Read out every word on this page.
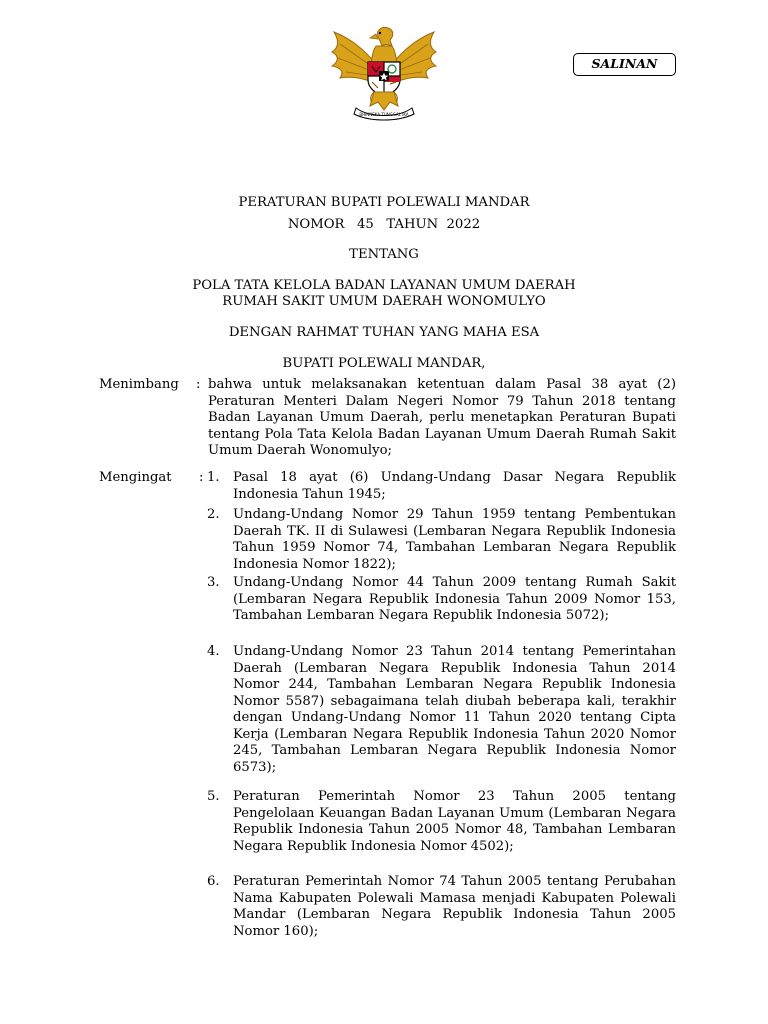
BHINNEKA TUNGGAL IKA
SALINAN
PERATURAN BUPATI POLEWALI MANDAR
NOMOR   45   TAHUN  2022
TENTANG
POLA TATA KELOLA BADAN LAYANAN UMUM DAERAH
RUMAH SAKIT UMUM DAERAH WONOMULYO
DENGAN RAHMAT TUHAN YANG MAHA ESA
BUPATI POLEWALI MANDAR,
Menimbang : bahwa untuk melaksanakan ketentuan dalam Pasal 38 ayat (2) Peraturan Menteri Dalam Negeri Nomor 79 Tahun 2018 tentang Badan Layanan Umum Daerah, perlu menetapkan Peraturan Bupati tentang Pola Tata Kelola Badan Layanan Umum Daerah Rumah Sakit Umum Daerah Wonomulyo;
Mengingat : 1. Pasal 18 ayat (6) Undang-Undang Dasar Negara Republik Indonesia Tahun 1945;
2. Undang-Undang Nomor 29 Tahun 1959 tentang Pembentukan Daerah TK. II di Sulawesi (Lembaran Negara Republik Indonesia Tahun 1959 Nomor 74, Tambahan Lembaran Negara Republik Indonesia Nomor 1822);
3. Undang-Undang Nomor 44 Tahun 2009 tentang Rumah Sakit (Lembaran Negara Republik Indonesia Tahun 2009 Nomor 153, Tambahan Lembaran Negara Republik Indonesia 5072);
4. Undang-Undang Nomor 23 Tahun 2014 tentang Pemerintahan Daerah (Lembaran Negara Republik Indonesia Tahun 2014 Nomor 244, Tambahan Lembaran Negara Republik Indonesia Nomor 5587) sebagaimana telah diubah beberapa kali, terakhir dengan Undang-Undang Nomor 11 Tahun 2020 tentang Cipta Kerja (Lembaran Negara Republik Indonesia Tahun 2020 Nomor 245, Tambahan Lembaran Negara Republik Indonesia Nomor 6573);
5. Peraturan Pemerintah Nomor 23 Tahun 2005 tentang Pengelolaan Keuangan Badan Layanan Umum (Lembaran Negara Republik Indonesia Tahun 2005 Nomor 48, Tambahan Lembaran Negara Republik Indonesia Nomor 4502);
6. Peraturan Pemerintah Nomor 74 Tahun 2005 tentang Perubahan Nama Kabupaten Polewali Mamasa menjadi Kabupaten Polewali Mandar (Lembaran Negara Republik Indonesia Tahun 2005 Nomor 160);
